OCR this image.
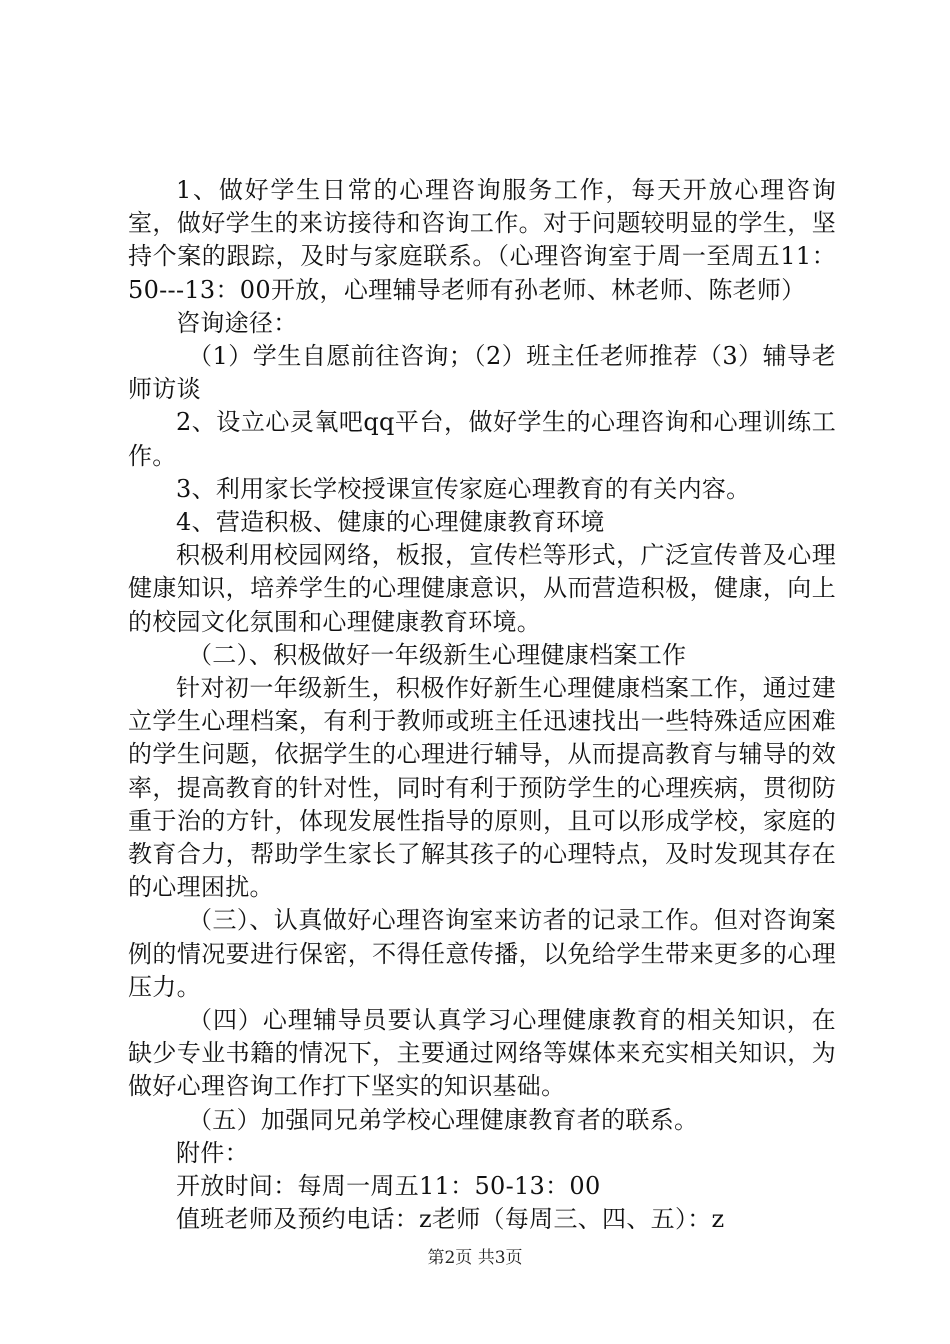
1、做好学生日常的心理咨询服务工作，每天开放心理咨询室，做好学生的来访接待和咨询工作。对于问题较明显的学生，坚持个案的跟踪，及时与家庭联系。（心理咨询室于周一至周五11：50---13：00开放，心理辅导老师有孙老师、林老师、陈老师）

咨询途径：

（1）学生自愿前往咨询；（2）班主任老师推荐（3）辅导老师访谈

2、设立心灵氧吧qq平台，做好学生的心理咨询和心理训练工作。

3、利用家长学校授课宣传家庭心理教育的有关内容。

4、营造积极、健康的心理健康教育环境

积极利用校园网络，板报，宣传栏等形式，广泛宣传普及心理健康知识，培养学生的心理健康意识，从而营造积极，健康，向上的校园文化氛围和心理健康教育环境。

（二）、积极做好一年级新生心理健康档案工作

针对初一年级新生，积极作好新生心理健康档案工作，通过建立学生心理档案，有利于教师或班主任迅速找出一些特殊适应困难的学生问题，依据学生的心理进行辅导，从而提高教育与辅导的效率，提高教育的针对性，同时有利于预防学生的心理疾病，贯彻防重于治的方针，体现发展性指导的原则，且可以形成学校，家庭的教育合力，帮助学生家长了解其孩子的心理特点，及时发现其存在的心理困扰。

（三）、认真做好心理咨询室来访者的记录工作。但对咨询案例的情况要进行保密，不得任意传播，以免给学生带来更多的心理压力。

（四）心理辅导员要认真学习心理健康教育的相关知识，在缺少专业书籍的情况下，主要通过网络等媒体来充实相关知识，为做好心理咨询工作打下坚实的知识基础。

（五）加强同兄弟学校心理健康教育者的联系。

附件：

开放时间：每周一周五11：50-13：00

值班老师及预约电话：z老师（每周三、四、五）：z

第2页 共3页
